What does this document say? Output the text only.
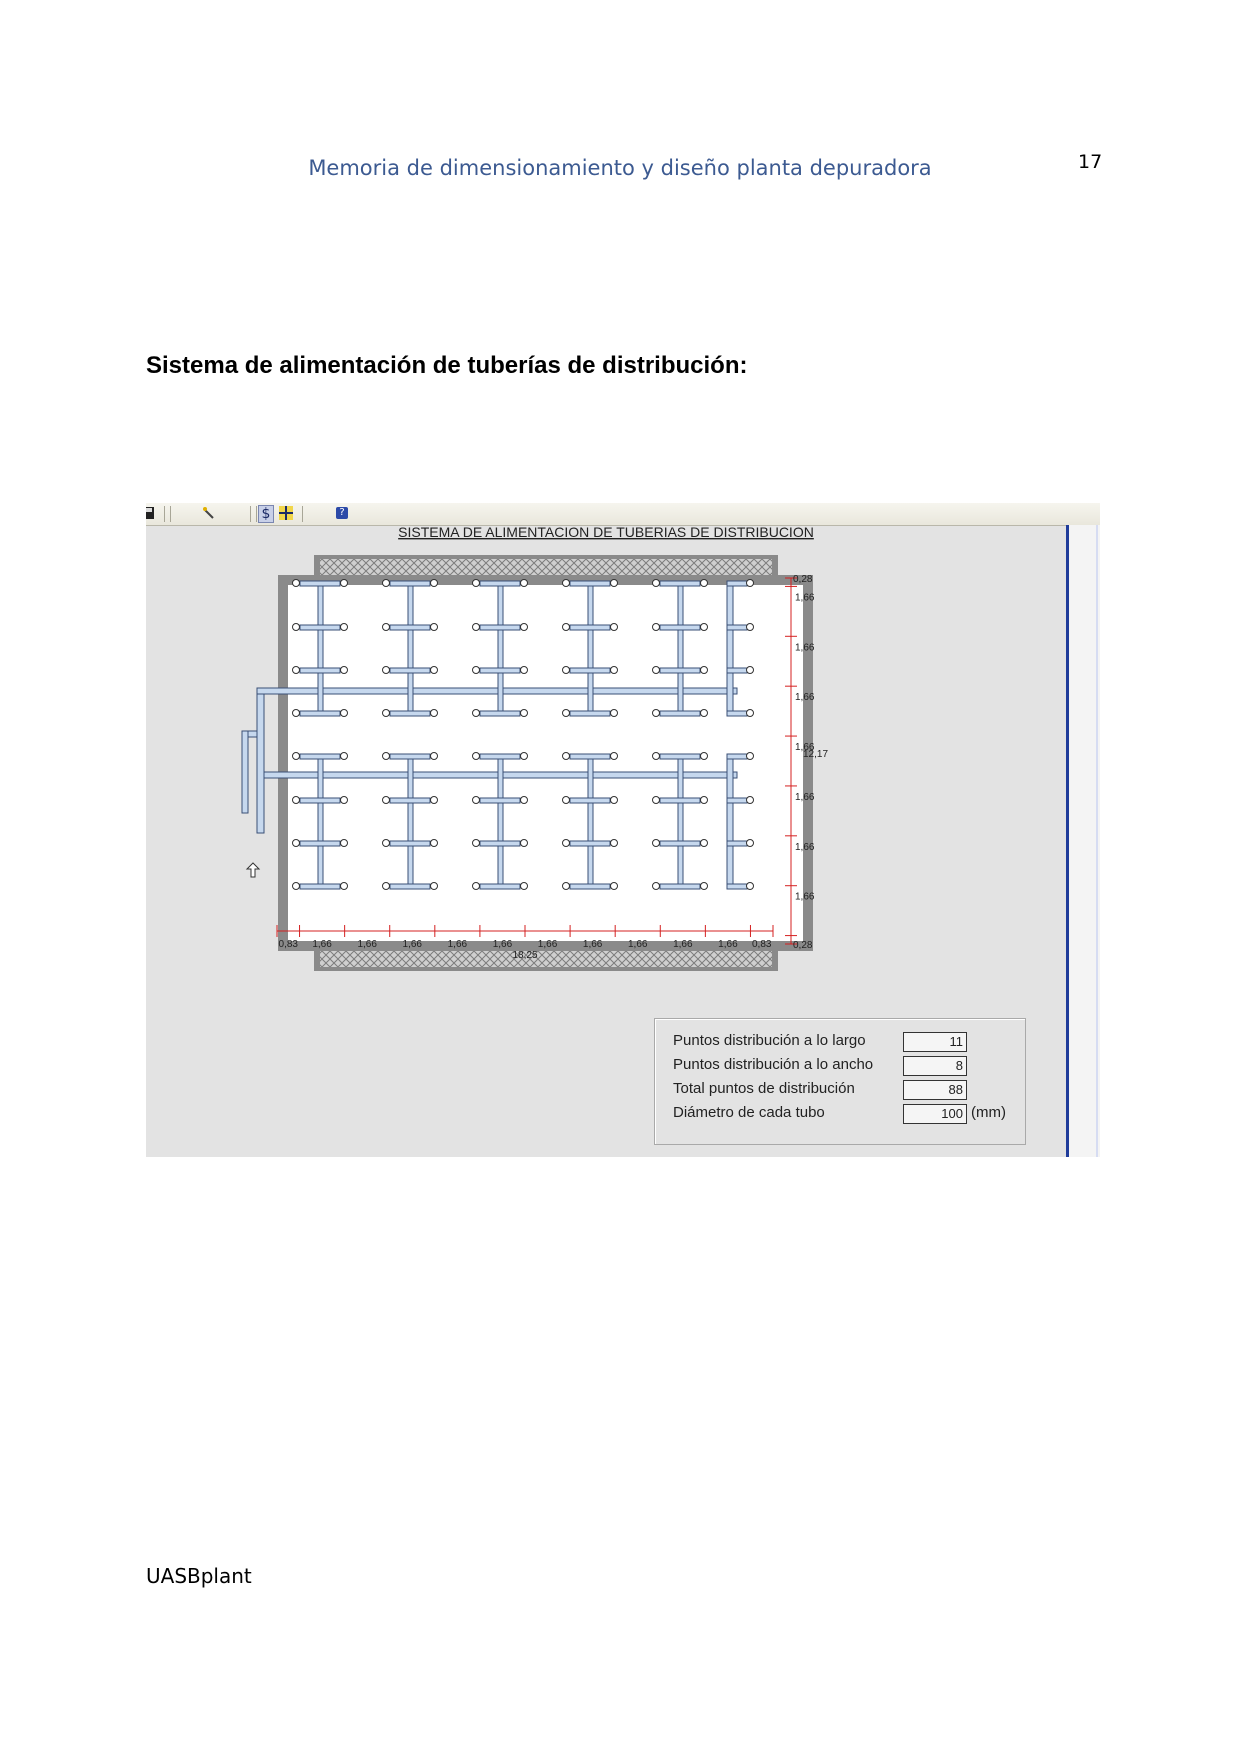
Memoria de dimensionamiento y diseño planta depuradora	17
Sistema de alimentación de tuberías de distribución:
$	?
SISTEMA DE ALIMENTACION DE TUBERIAS DE DISTRIBUCION
0,28
1,66
1,66
1,66
1,66
1,66
1,66
1,66
0,28
12,17
0,83 1,66	1,66	1,66	1,66	1,66	1,66	1,66	1,66	1,66	1,66 0,83
18,25
Puntos distribución a lo largo	11
Puntos distribución a lo ancho	8
Total puntos de distribución	88
Diámetro de cada tubo	100 (mm)
UASBplant
